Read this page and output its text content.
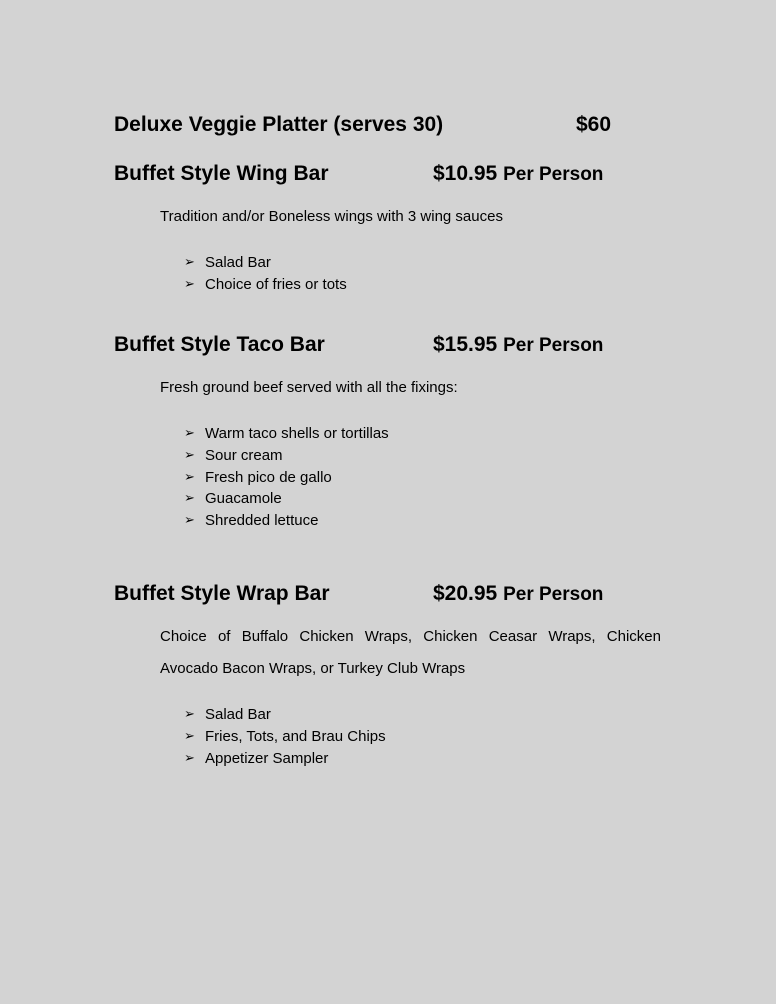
Deluxe Veggie Platter (serves 30)	$60
Buffet Style Wing Bar	$10.95 Per Person
Tradition and/or Boneless wings with 3 wing sauces
➢ Salad Bar
➢ Choice of fries or tots
Buffet Style Taco Bar	$15.95 Per Person
Fresh ground beef served with all the fixings:
➢ Warm taco shells or tortillas
➢ Sour cream
➢ Fresh pico de gallo
➢ Guacamole
➢ Shredded lettuce
Buffet Style Wrap Bar	$20.95 Per Person
Choice of Buffalo Chicken Wraps, Chicken Ceasar Wraps, Chicken Avocado Bacon Wraps, or Turkey Club Wraps
➢ Salad Bar
➢ Fries, Tots, and Brau Chips
➢ Appetizer Sampler
